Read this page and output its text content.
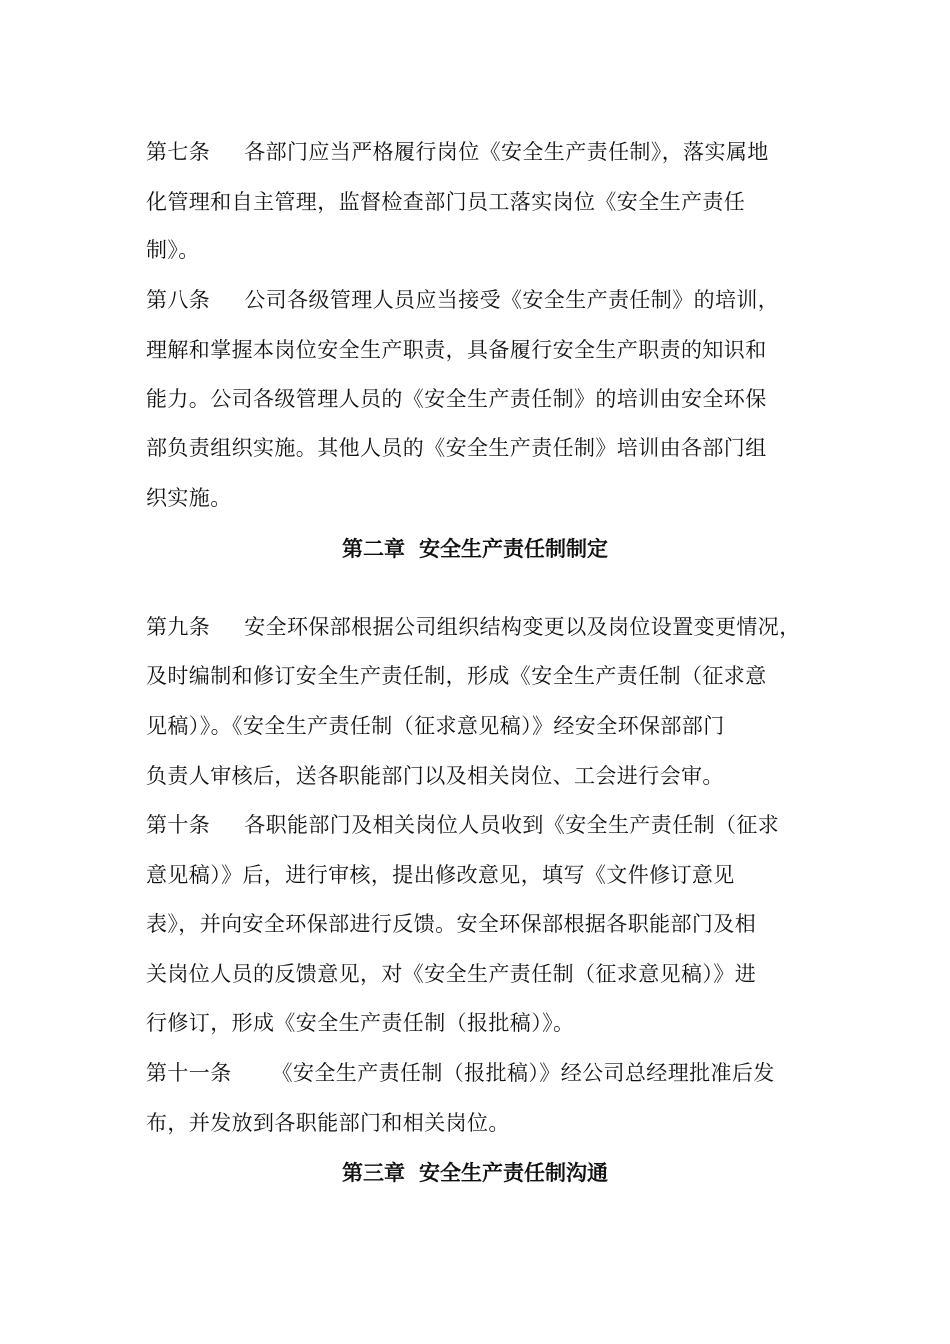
第七条 各部门应当严格履行岗位《安全生产责任制》，落实属地
化管理和自主管理，监督检查部门员工落实岗位《安全生产责任
制》。
第八条 公司各级管理人员应当接受《安全生产责任制》的培训，
理解和掌握本岗位安全生产职责，具备履行安全生产职责的知识和
能力。公司各级管理人员的《安全生产责任制》的培训由安全环保
部负责组织实施。其他人员的《安全生产责任制》培训由各部门组
织实施。
第二章 安全生产责任制制定
第九条 安全环保部根据公司组织结构变更以及岗位设置变更情况，
及时编制和修订安全生产责任制，形成《安全生产责任制（征求意
见稿）》。《安全生产责任制（征求意见稿）》经安全环保部部门
负责人审核后，送各职能部门以及相关岗位、工会进行会审。
第十条 各职能部门及相关岗位人员收到《安全生产责任制（征求
意见稿）》后，进行审核，提出修改意见，填写《文件修订意见
表》，并向安全环保部进行反馈。安全环保部根据各职能部门及相
关岗位人员的反馈意见，对《安全生产责任制（征求意见稿）》进
行修订，形成《安全生产责任制（报批稿）》。
第十一条 《安全生产责任制（报批稿）》经公司总经理批准后发
布，并发放到各职能部门和相关岗位。
第三章 安全生产责任制沟通
